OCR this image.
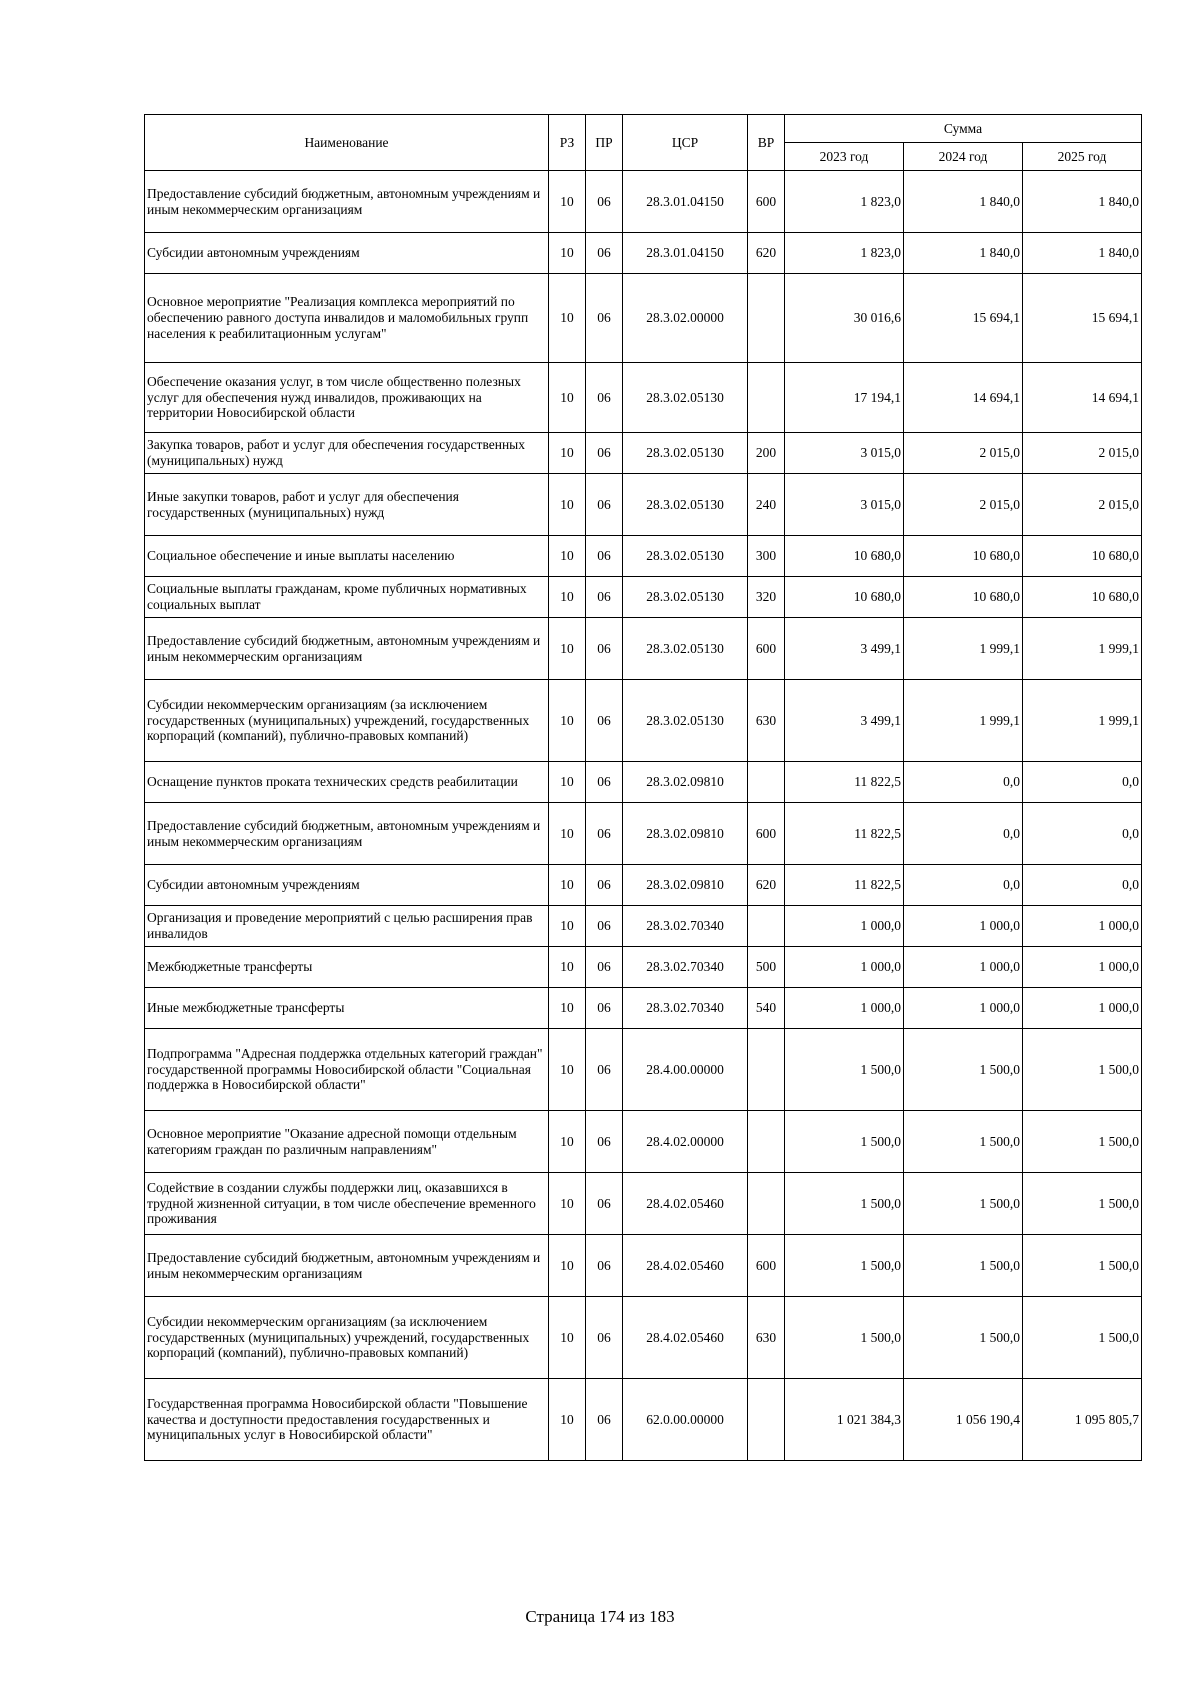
Наименование	РЗ	ПР	ЦСР	ВР	Сумма		
					2023 год	2024 год	2025 год
Предоставление субсидий бюджетным, автономным учреждениям и иным некоммерческим организациям	10	06	28.3.01.04150	600	1 823,0	1 840,0	1 840,0
Субсидии автономным учреждениям	10	06	28.3.01.04150	620	1 823,0	1 840,0	1 840,0
Основное мероприятие "Реализация комплекса мероприятий по обеспечению равного доступа инвалидов и маломобильных групп населения к реабилитационным услугам"	10	06	28.3.02.00000		30 016,6	15 694,1	15 694,1
Обеспечение оказания услуг, в том числе общественно полезных услуг для обеспечения нужд инвалидов, проживающих на территории Новосибирской области	10	06	28.3.02.05130		17 194,1	14 694,1	14 694,1
Закупка товаров, работ и услуг для обеспечения государственных (муниципальных) нужд	10	06	28.3.02.05130	200	3 015,0	2 015,0	2 015,0
Иные закупки товаров, работ и услуг для обеспечения государственных (муниципальных) нужд	10	06	28.3.02.05130	240	3 015,0	2 015,0	2 015,0
Социальное обеспечение и иные выплаты населению	10	06	28.3.02.05130	300	10 680,0	10 680,0	10 680,0
Социальные выплаты гражданам, кроме публичных нормативных социальных выплат	10	06	28.3.02.05130	320	10 680,0	10 680,0	10 680,0
Предоставление субсидий бюджетным, автономным учреждениям и иным некоммерческим организациям	10	06	28.3.02.05130	600	3 499,1	1 999,1	1 999,1
Субсидии некоммерческим организациям (за исключением государственных (муниципальных) учреждений, государственных корпораций (компаний), публично-правовых компаний)	10	06	28.3.02.05130	630	3 499,1	1 999,1	1 999,1
Оснащение пунктов проката технических средств реабилитации	10	06	28.3.02.09810		11 822,5	0,0	0,0
Предоставление субсидий бюджетным, автономным учреждениям и иным некоммерческим организациям	10	06	28.3.02.09810	600	11 822,5	0,0	0,0
Субсидии автономным учреждениям	10	06	28.3.02.09810	620	11 822,5	0,0	0,0
Организация и проведение мероприятий с целью расширения прав инвалидов	10	06	28.3.02.70340		1 000,0	1 000,0	1 000,0
Межбюджетные трансферты	10	06	28.3.02.70340	500	1 000,0	1 000,0	1 000,0
Иные межбюджетные трансферты	10	06	28.3.02.70340	540	1 000,0	1 000,0	1 000,0
Подпрограмма "Адресная поддержка отдельных категорий граждан" государственной программы Новосибирской области "Социальная поддержка в Новосибирской области"	10	06	28.4.00.00000		1 500,0	1 500,0	1 500,0
Основное мероприятие "Оказание адресной помощи отдельным категориям граждан по различным направлениям"	10	06	28.4.02.00000		1 500,0	1 500,0	1 500,0
Содействие в создании службы поддержки лиц, оказавшихся в трудной жизненной ситуации, в том числе обеспечение временного проживания	10	06	28.4.02.05460		1 500,0	1 500,0	1 500,0
Предоставление субсидий бюджетным, автономным учреждениям и иным некоммерческим организациям	10	06	28.4.02.05460	600	1 500,0	1 500,0	1 500,0
Субсидии некоммерческим организациям (за исключением государственных (муниципальных) учреждений, государственных корпораций (компаний), публично-правовых компаний)	10	06	28.4.02.05460	630	1 500,0	1 500,0	1 500,0
Государственная программа Новосибирской области "Повышение качества и доступности предоставления государственных и муниципальных услуг в Новосибирской области"	10	06	62.0.00.00000		1 021 384,3	1 056 190,4	1 095 805,7
Страница 174 из 183
